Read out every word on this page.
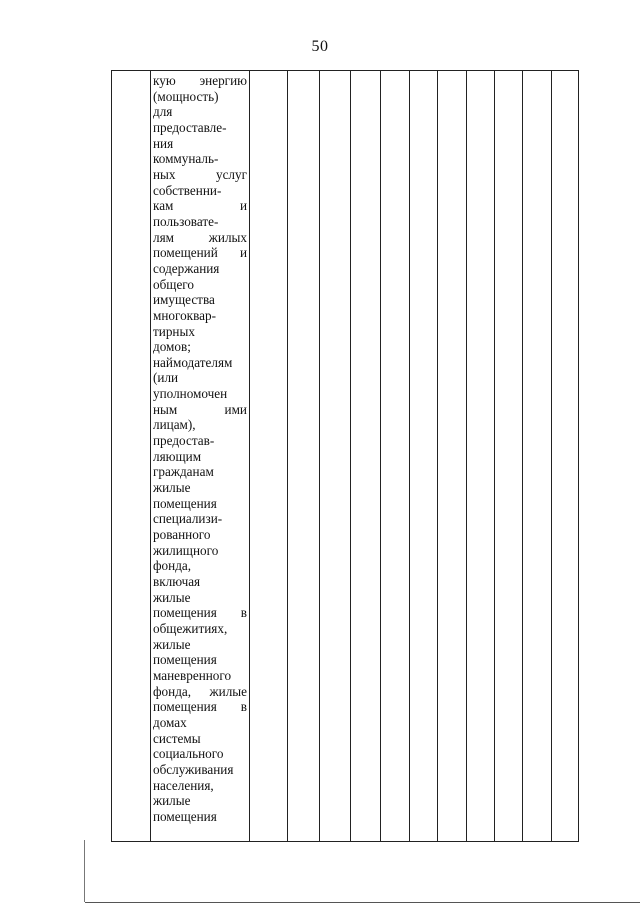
50
кую энергию
(мощность)
для
предоставле-
ния
коммуналь-
ных	услуг
собственни-
кам	и
пользовате-
лям	жилых
помещений и
содержания
общего
имущества
многоквар-
тирных
домов;
наймодателям
(или
уполномочен
ным	ими
лицам),
предостав-
ляющим
гражданам
жилые
помещения
специализи-
рованного
жилищного
фонда,
включая
жилые
помещения в
общежитиях,
жилые
помещения
маневренного
фонда, жилые
помещения в
домах
системы
социального
обслуживания
населения,
жилые
помещения
